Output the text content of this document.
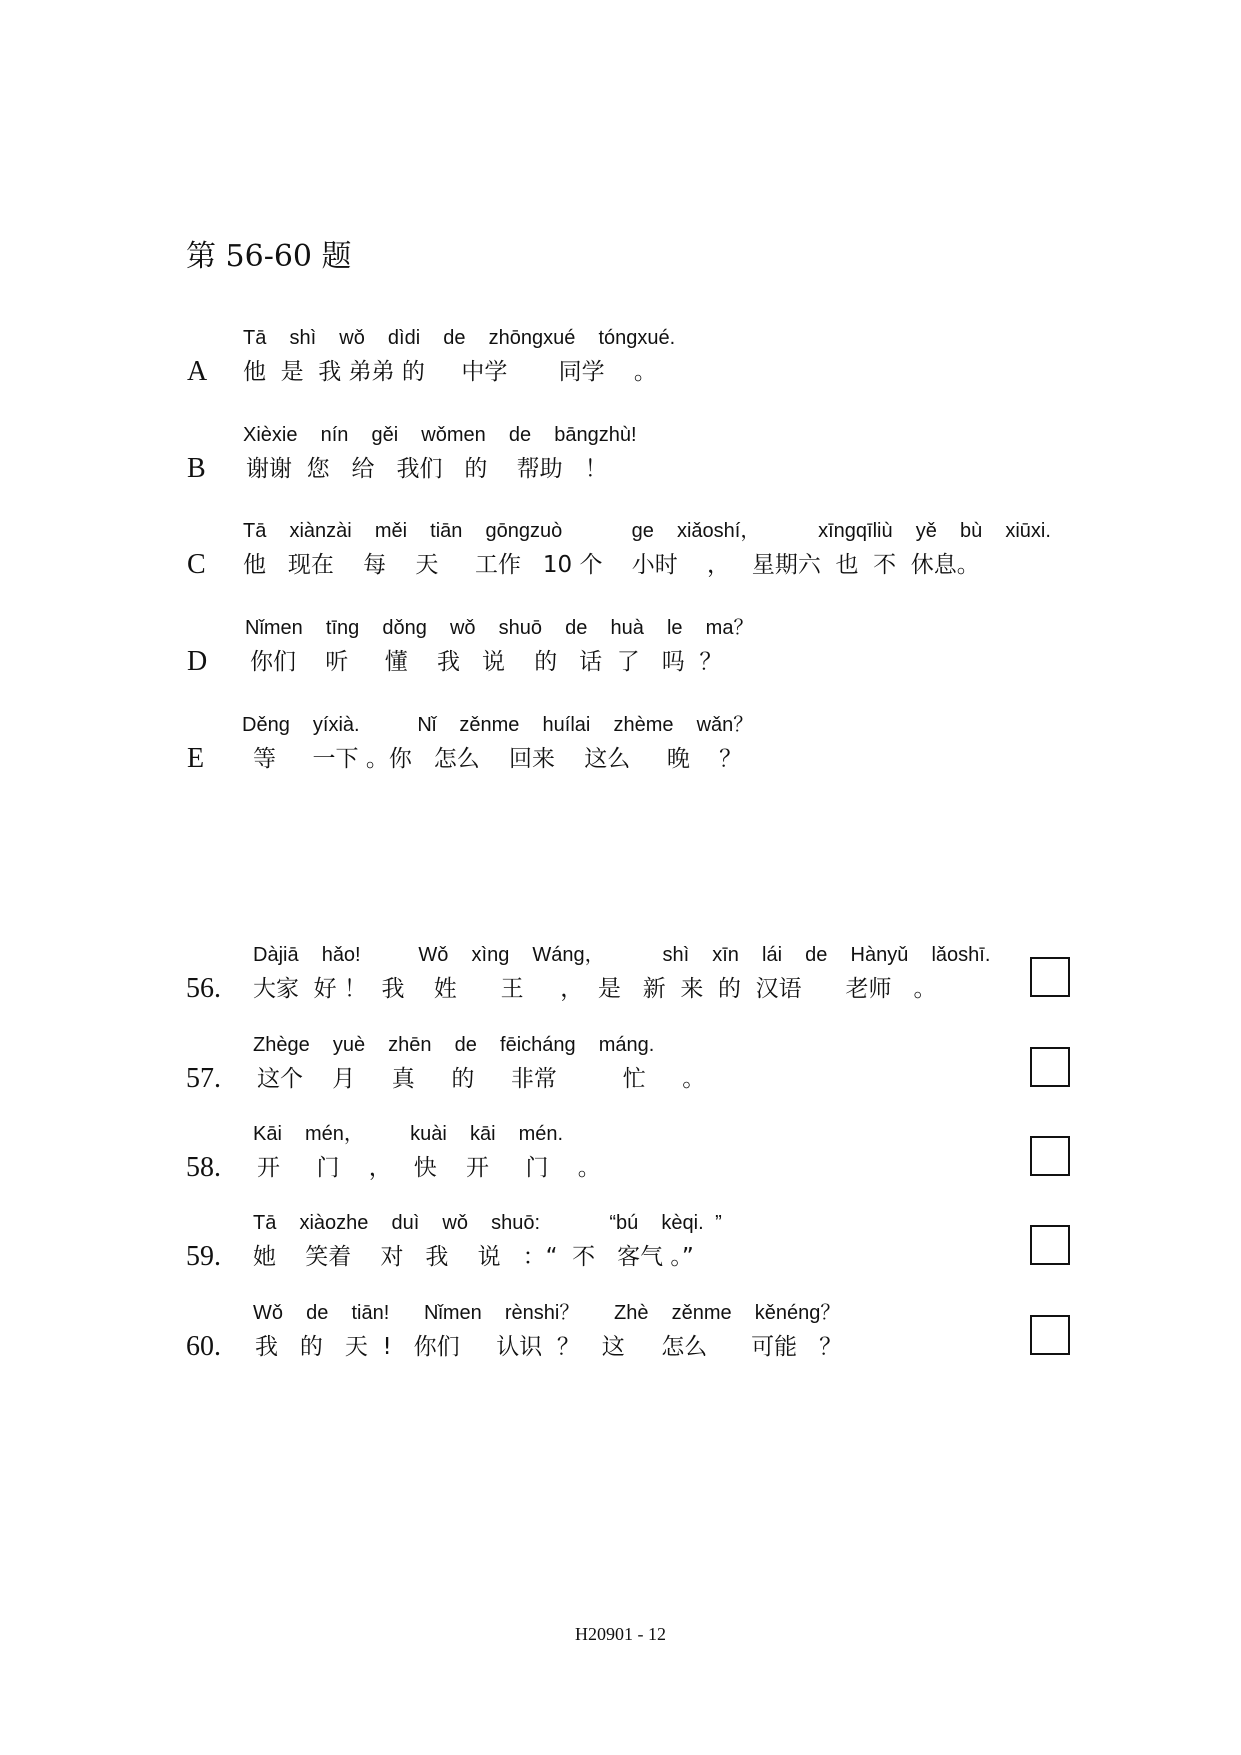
第 56-60 题
A
Tā  shì  wǒ  dìdi  de  zhōngxué  tóngxué.
他  是  我 弟弟 的     中学       同学    。
B
Xièxie  nín  gěi  wǒmen  de  bāngzhù!
谢谢  您   给   我们   的    帮助   ！
C
Tā  xiànzài  měi  tiān  gōngzuò      ge  xiǎoshí，     xīngqīliù  yě  bù  xiūxi.
他   现在    每    天     工作   10 个    小时    ，   星期六  也  不  休息。
D
Nǐmen  tīng  dǒng  wǒ  shuō  de  huà  le  ma？
你们    听     懂    我   说    的   话  了   吗  ？
E
Děng  yíxià.     Nǐ  zěnme  huílai  zhème  wǎn？
等     一下 。你   怎么    回来    这么     晚    ？
56.
Dàjiā  hǎo!     Wǒ  xìng  Wáng，     shì  xīn  lái  de  Hànyǔ  lǎoshī.
大家  好 ！  我    姓      王     ，  是   新  来  的  汉语      老师   。
57.
Zhège  yuè  zhēn  de  fēicháng  máng.
这个    月     真     的     非常         忙     。
58.
Kāi  mén，    kuài  kāi  mén.
开     门    ，   快    开     门    。
59.
Tā  xiàozhe  duì  wǒ  shuō:      “bú  kèqi. ”
她    笑着    对   我    说   ：“  不   客气 。”
60.
Wǒ  de  tiān!   Nǐmen  rènshi？   Zhè  zěnme  kěnéng？
我   的   天  !   你们     认识  ？   这     怎么      可能   ？
H20901 - 12
